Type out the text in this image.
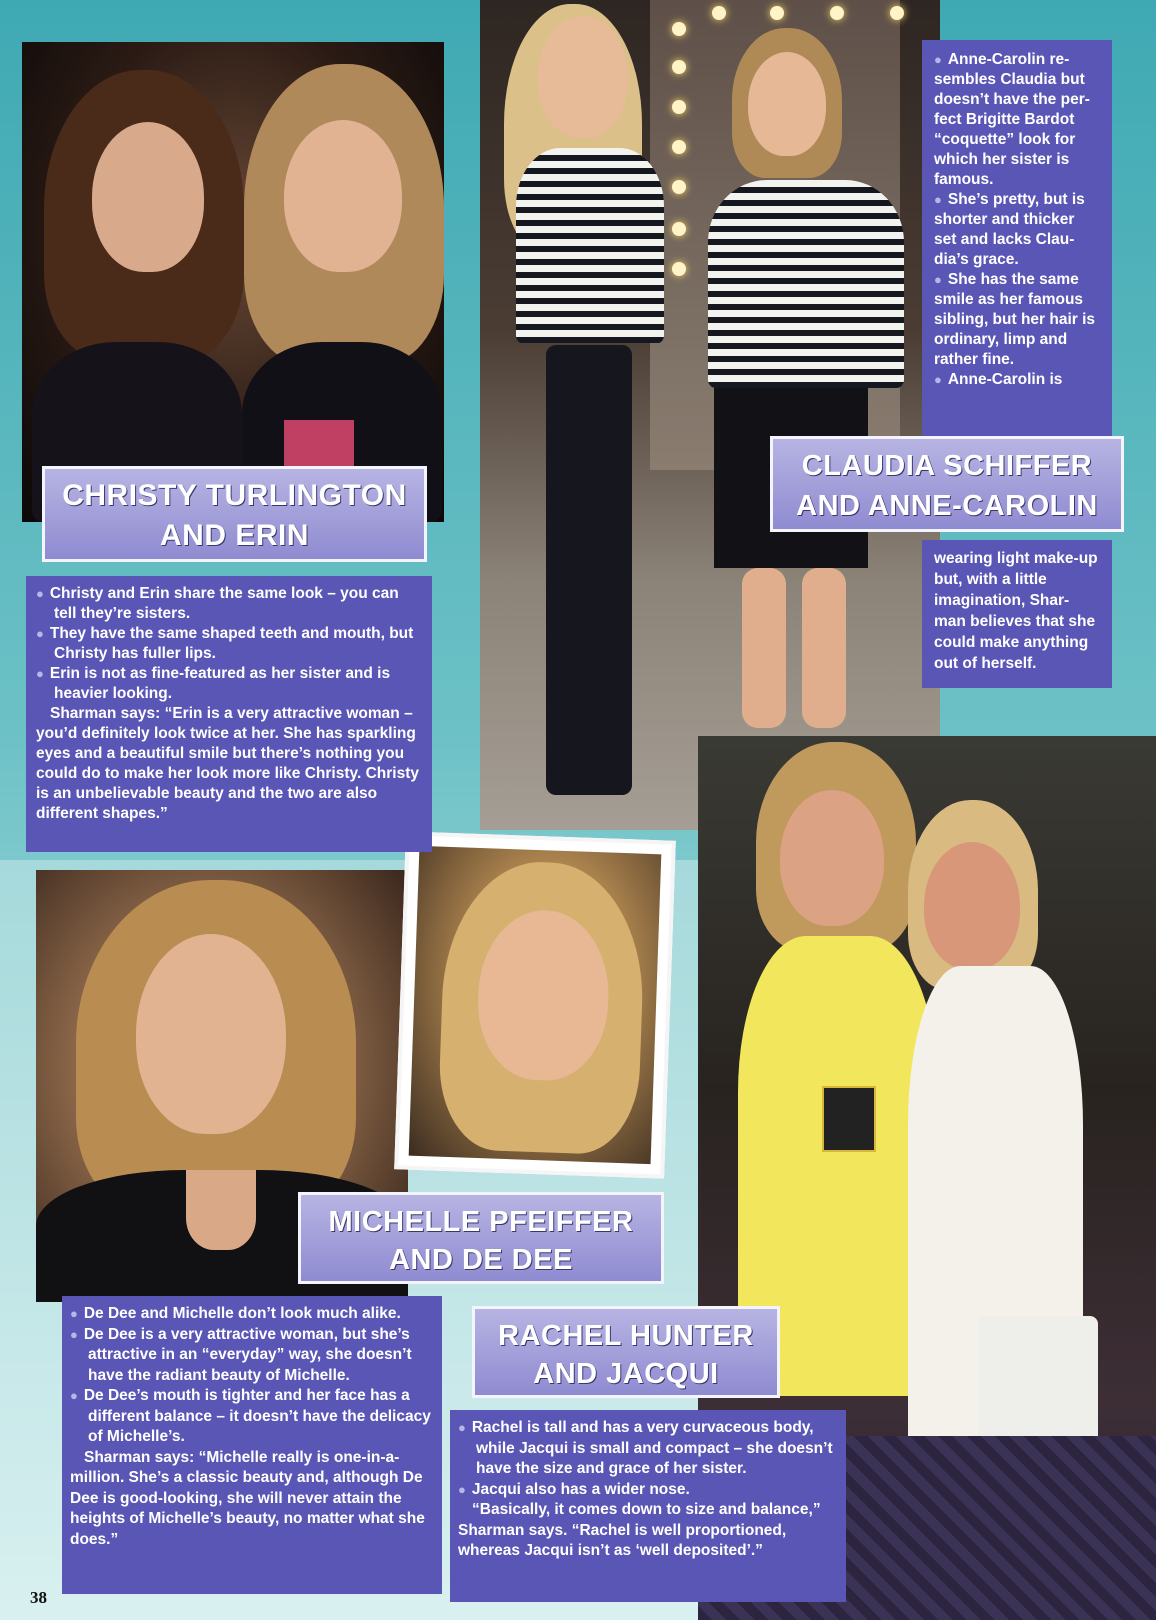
CHRISTY TURLINGTON
AND ERIN

● Christy and Erin share the same look – you can tell they’re sisters.

● They have the same shaped teeth and mouth, but Christy has fuller lips.

● Erin is not as fine-featured as her sister and is heavier looking.

Sharman says: “Erin is a very attractive woman – you’d definitely look twice at her. She has sparkling eyes and a beautiful smile but there’s nothing you could do to make her look more like Christy. Christy is an unbelievable beauty and the two are also different shapes.”

● Anne-Carolin re-sembles Claudia but doesn’t have the per-fect Brigitte Bardot “coquette” look for which her sister is famous.

● She’s pretty, but is shorter and thicker set and lacks Clau-dia’s grace.

● She has the same smile as her famous sibling, but her hair is ordinary, limp and rather fine.

● Anne-Carolin is

CLAUDIA SCHIFFER
AND ANNE-CAROLIN

wearing light make-up but, with a little imagination, Shar-man believes that she could make anything out of herself.

MICHELLE PFEIFFER
AND DE DEE

● De Dee and Michelle don’t look much alike.

● De Dee is a very attractive woman, but she’s attractive in an “everyday” way, she doesn’t have the radiant beauty of Michelle.

● De Dee’s mouth is tighter and her face has a different balance – it doesn’t have the delicacy of Michelle’s.

Sharman says: “Michelle really is one-in-a-million. She’s a classic beauty and, although De Dee is good-looking, she will never attain the heights of Michelle’s beauty, no matter what she does.”

RACHEL HUNTER
AND JACQUI

● Rachel is tall and has a very curvaceous body, while Jacqui is small and compact – she doesn’t have the size and grace of her sister.

● Jacqui also has a wider nose.

“Basically, it comes down to size and balance,” Sharman says. “Rachel is well proportioned, whereas Jacqui isn’t as ‘well deposited’.”

38
